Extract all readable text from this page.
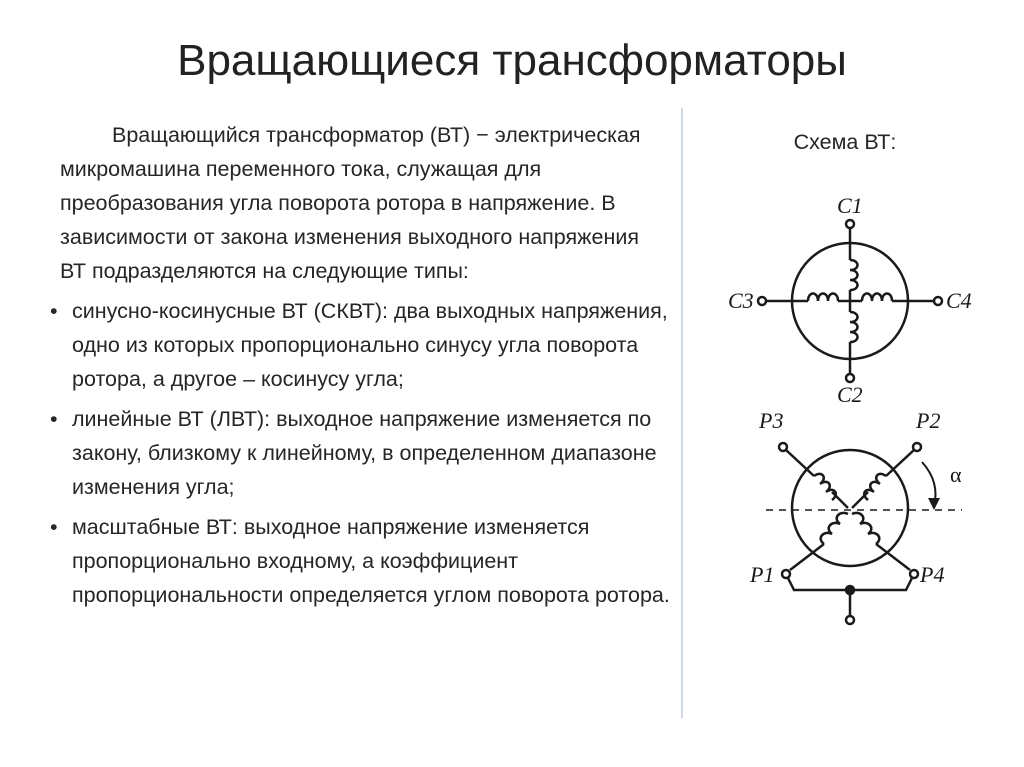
Вращающиеся трансформаторы

Вращающийся трансформатор (ВТ) − электрическая микромашина переменного тока, служащая для преобразования угла поворота ротора в напряжение. В зависимости от закона изменения выходного напряжения ВТ подразделяются на следующие типы:

• синусно-косинусные ВТ (СКВТ): два выходных напряжения, одно из которых пропорционально синусу угла поворота ротора, а другое – косинусу угла;
• линейные ВТ (ЛВТ): выходное напряжение изменяется по закону, близкому к линейному, в определенном диапазоне изменения угла;
• масштабные ВТ: выходное напряжение изменяется пропорционально входному, а коэффициент пропорциональности определяется углом поворота ротора.
Схема ВТ:
C1
C2
C3	C4
P3	P2
P1	P4
α
